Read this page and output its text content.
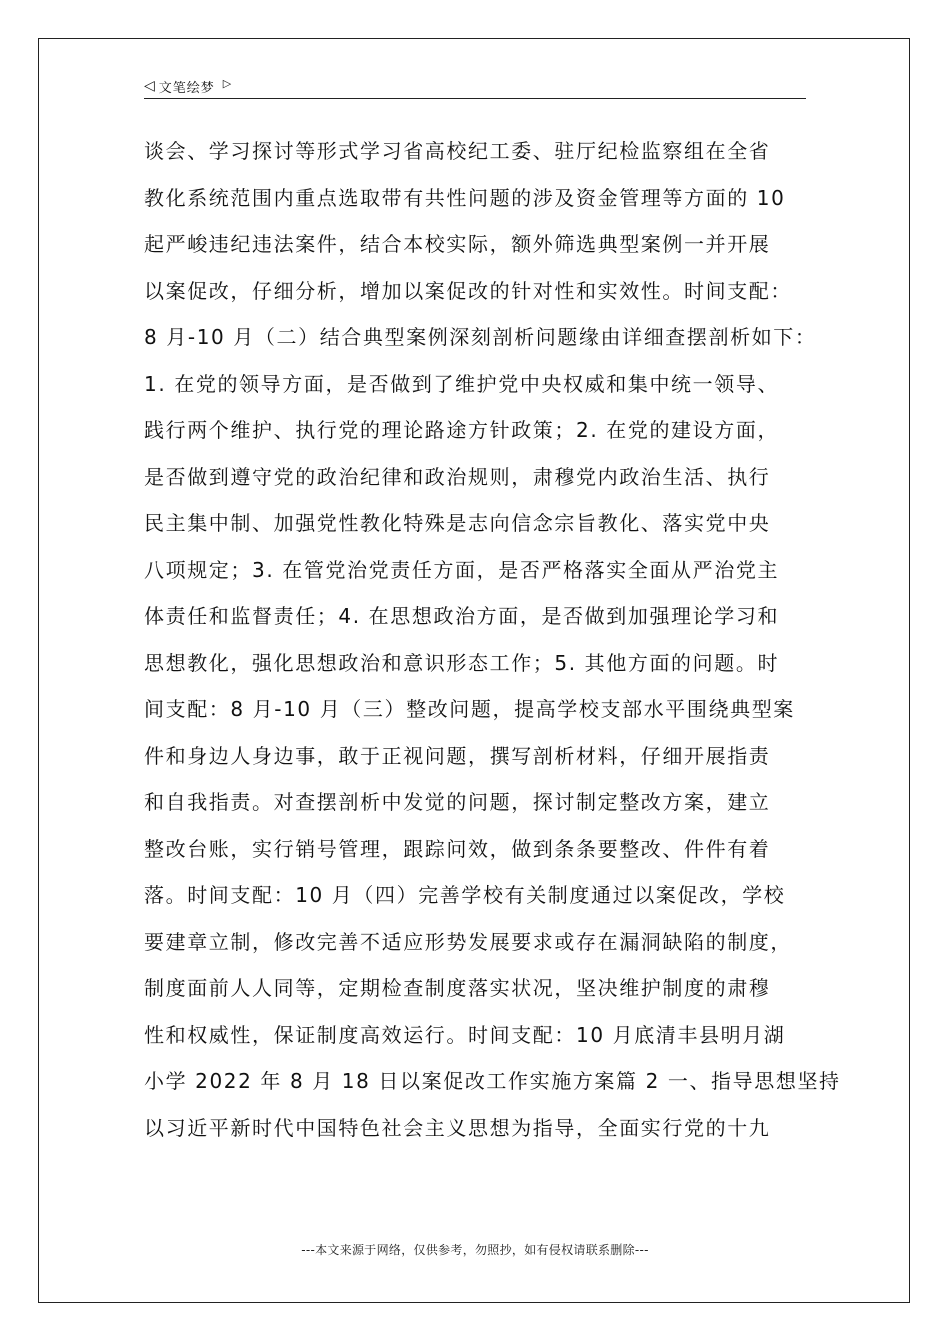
◁ 文笔绘梦 ▷
谈会、学习探讨等形式学习省高校纪工委、驻厅纪检监察组在全省
教化系统范围内重点选取带有共性问题的涉及资金管理等方面的 10
起严峻违纪违法案件，结合本校实际，额外筛选典型案例一并开展
以案促改，仔细分析，增加以案促改的针对性和实效性。时间支配：
8 月-10 月（二）结合典型案例深刻剖析问题缘由详细查摆剖析如下：
1. 在党的领导方面，是否做到了维护党中央权威和集中统一领导、
践行两个维护、执行党的理论路途方针政策；2. 在党的建设方面，
是否做到遵守党的政治纪律和政治规则，肃穆党内政治生活、执行
民主集中制、加强党性教化特殊是志向信念宗旨教化、落实党中央
八项规定；3. 在管党治党责任方面，是否严格落实全面从严治党主
体责任和监督责任；4. 在思想政治方面，是否做到加强理论学习和
思想教化，强化思想政治和意识形态工作；5. 其他方面的问题。时
间支配：8 月-10 月（三）整改问题，提高学校支部水平围绕典型案
件和身边人身边事，敢于正视问题，撰写剖析材料，仔细开展指责
和自我指责。对查摆剖析中发觉的问题，探讨制定整改方案，建立
整改台账，实行销号管理，跟踪问效，做到条条要整改、件件有着
落。时间支配：10 月（四）完善学校有关制度通过以案促改，学校
要建章立制，修改完善不适应形势发展要求或存在漏洞缺陷的制度，
制度面前人人同等，定期检查制度落实状况，坚决维护制度的肃穆
性和权威性，保证制度高效运行。时间支配：10 月底清丰县明月湖
小学 2022 年 8 月 18 日以案促改工作实施方案篇 2 一、指导思想坚持
以习近平新时代中国特色社会主义思想为指导，全面实行党的十九
---本文来源于网络，仅供参考，勿照抄，如有侵权请联系删除---
